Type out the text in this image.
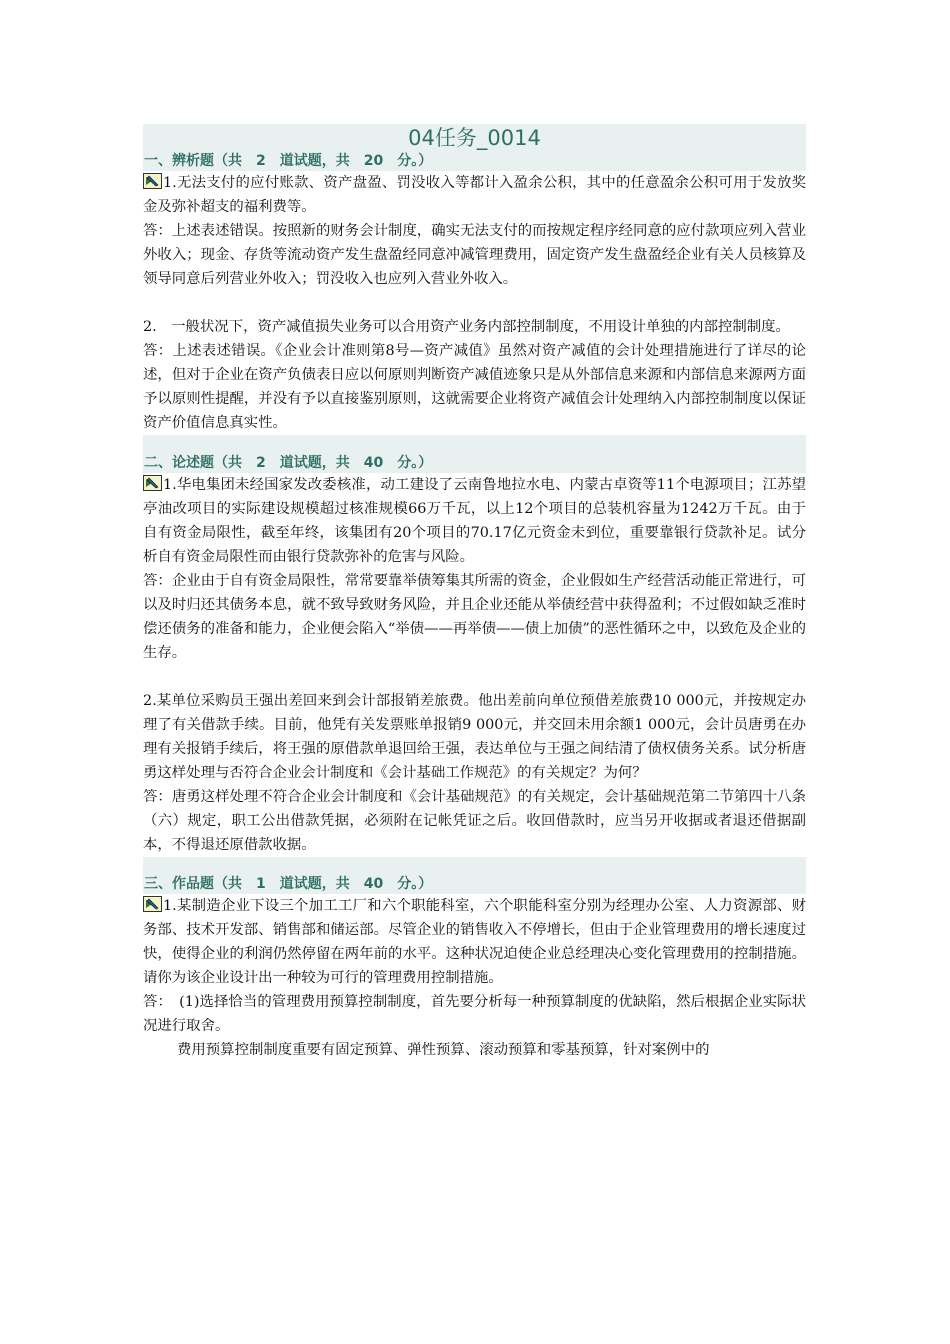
04任务_0014
一、辨析题（共　2　道试题，共　20　分。）

1.无法支付的应付账款、资产盘盈、罚没收入等都计入盈余公积，其中的任意盈余公积可用于发放奖金及弥补超支的福利费等。

答：上述表述错误。按照新的财务会计制度，确实无法支付的而按规定程序经同意的应付款项应列入营业外收入；现金、存货等流动资产发生盘盈经同意冲减管理费用，固定资产发生盘盈经企业有关人员核算及领导同意后列营业外收入；罚没收入也应列入营业外收入。

2.　一般状况下，资产减值损失业务可以合用资产业务内部控制制度，不用设计单独的内部控制制度。

答：上述表述错误。《企业会计准则第8号—资产减值》虽然对资产减值的会计处理措施进行了详尽的论述，但对于企业在资产负债表日应以何原则判断资产减值迹象只是从外部信息来源和内部信息来源两方面予以原则性提醒，并没有予以直接鉴别原则，这就需要企业将资产减值会计处理纳入内部控制制度以保证资产价值信息真实性。

二、论述题（共　2　道试题，共　40　分。）

1.华电集团未经国家发改委核准，动工建设了云南鲁地拉水电、内蒙古卓资等11个电源项目；江苏望亭油改项目的实际建设规模超过核准规模66万千瓦，以上12个项目的总装机容量为1242万千瓦。由于自有资金局限性，截至年终，该集团有20个项目的70.17亿元资金未到位，重要靠银行贷款补足。试分析自有资金局限性而由银行贷款弥补的危害与风险。

答：企业由于自有资金局限性，常常要靠举债筹集其所需的资金，企业假如生产经营活动能正常进行，可以及时归还其债务本息，就不致导致财务风险，并且企业还能从举债经营中获得盈利；不过假如缺乏准时偿还债务的准备和能力，企业便会陷入“举债——再举债——债上加债”的恶性循环之中，以致危及企业的生存。

2.某单位采购员王强出差回来到会计部报销差旅费。他出差前向单位预借差旅费10 000元，并按规定办理了有关借款手续。目前，他凭有关发票账单报销9 000元，并交回未用余额1 000元，会计员唐勇在办理有关报销手续后，将王强的原借款单退回给王强，表达单位与王强之间结清了债权债务关系。试分析唐勇这样处理与否符合企业会计制度和《会计基础工作规范》的有关规定？为何？

答：唐勇这样处理不符合企业会计制度和《会计基础规范》的有关规定，会计基础规范第二节第四十八条（六）规定，职工公出借款凭据，必须附在记帐凭证之后。收回借款时，应当另开收据或者退还借据副本，不得退还原借款收据。

三、作品题（共　1　道试题，共　40　分。）

1.某制造企业下设三个加工工厂和六个职能科室，六个职能科室分别为经理办公室、人力资源部、财务部、技术开发部、销售部和储运部。尽管企业的销售收入不停增长，但由于企业管理费用的增长速度过快，使得企业的利润仍然停留在两年前的水平。这种状况迫使企业总经理决心变化管理费用的控制措施。请你为该企业设计出一种较为可行的管理费用控制措施。

答：　(1)选择恰当的管理费用预算控制制度，首先要分析每一种预算制度的优缺陷，然后根据企业实际状况进行取舍。

费用预算控制制度重要有固定预算、弹性预算、滚动预算和零基预算，针对案例中的
